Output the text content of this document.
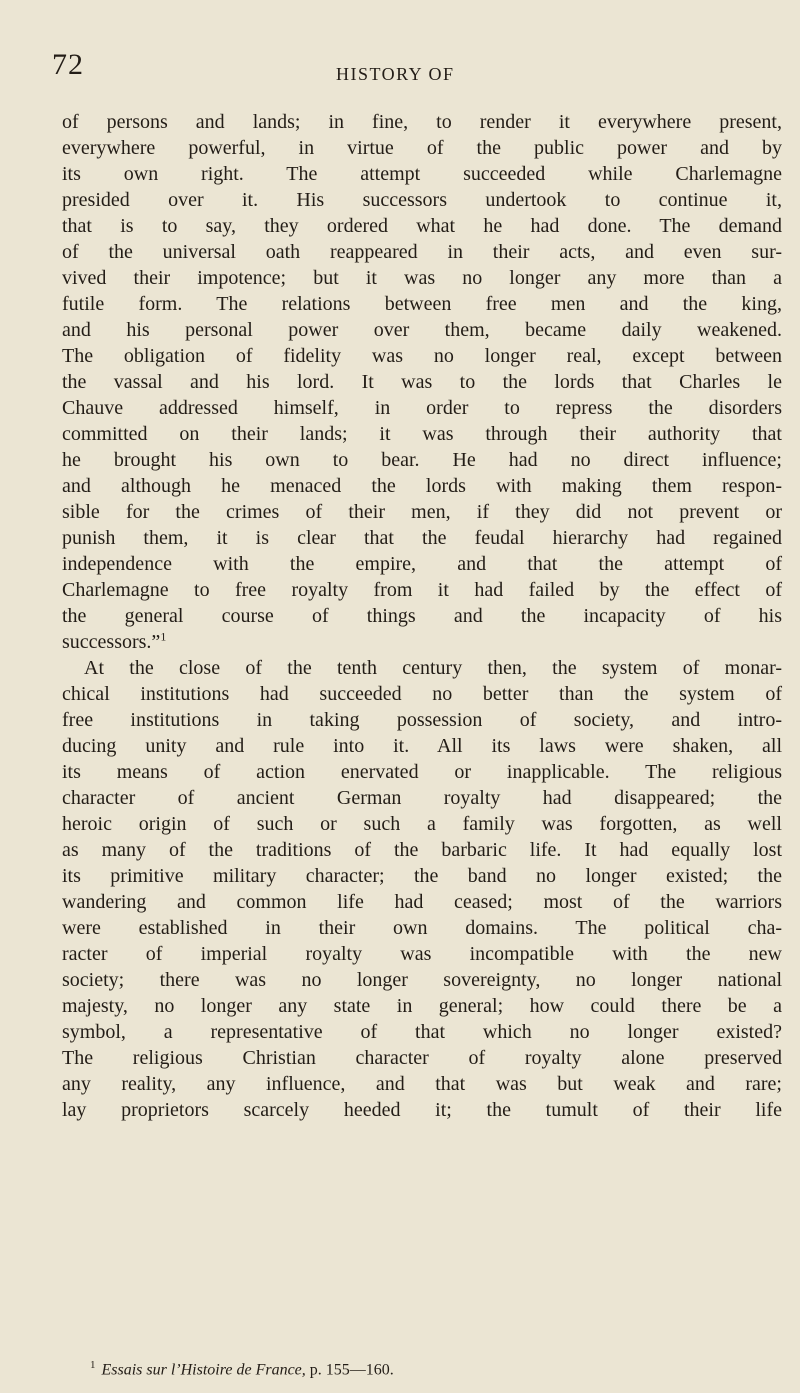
72	HISTORY OF
of persons and lands; in fine, to render it everywhere present,
everywhere powerful, in virtue of the public power and by
its own right. The attempt succeeded while Charlemagne
presided over it. His successors undertook to continue it,
that is to say, they ordered what he had done. The demand
of the universal oath reappeared in their acts, and even sur-
vived their impotence; but it was no longer any more than a
futile form. The relations between free men and the king,
and his personal power over them, became daily weakened.
The obligation of fidelity was no longer real, except between
the vassal and his lord. It was to the lords that Charles le
Chauve addressed himself, in order to repress the disorders
committed on their lands; it was through their authority that
he brought his own to bear. He had no direct influence;
and although he menaced the lords with making them respon-
sible for the crimes of their men, if they did not prevent or
punish them, it is clear that the feudal hierarchy had regained
independence with the empire, and that the attempt of
Charlemagne to free royalty from it had failed by the effect of
the general course of things and the incapacity of his
successors.”$^1$
At the close of the tenth century then, the system of monar-
chical institutions had succeeded no better than the system of
free institutions in taking possession of society, and intro-
ducing unity and rule into it. All its laws were shaken, all
its means of action enervated or inapplicable. The religious
character of ancient German royalty had disappeared; the
heroic origin of such or such a family was forgotten, as well
as many of the traditions of the barbaric life. It had equally lost
its primitive military character; the band no longer existed; the
wandering and common life had ceased; most of the warriors
were established in their own domains. The political cha-
racter of imperial royalty was incompatible with the new
society; there was no longer sovereignty, no longer national
majesty, no longer any state in general; how could there be a
symbol, a representative of that which no longer existed?
The religious Christian character of royalty alone preserved
any reality, any influence, and that was but weak and rare;
lay proprietors scarcely heeded it; the tumult of their life
$^1$ Essais sur l’Histoire de France, p. 155—160.
